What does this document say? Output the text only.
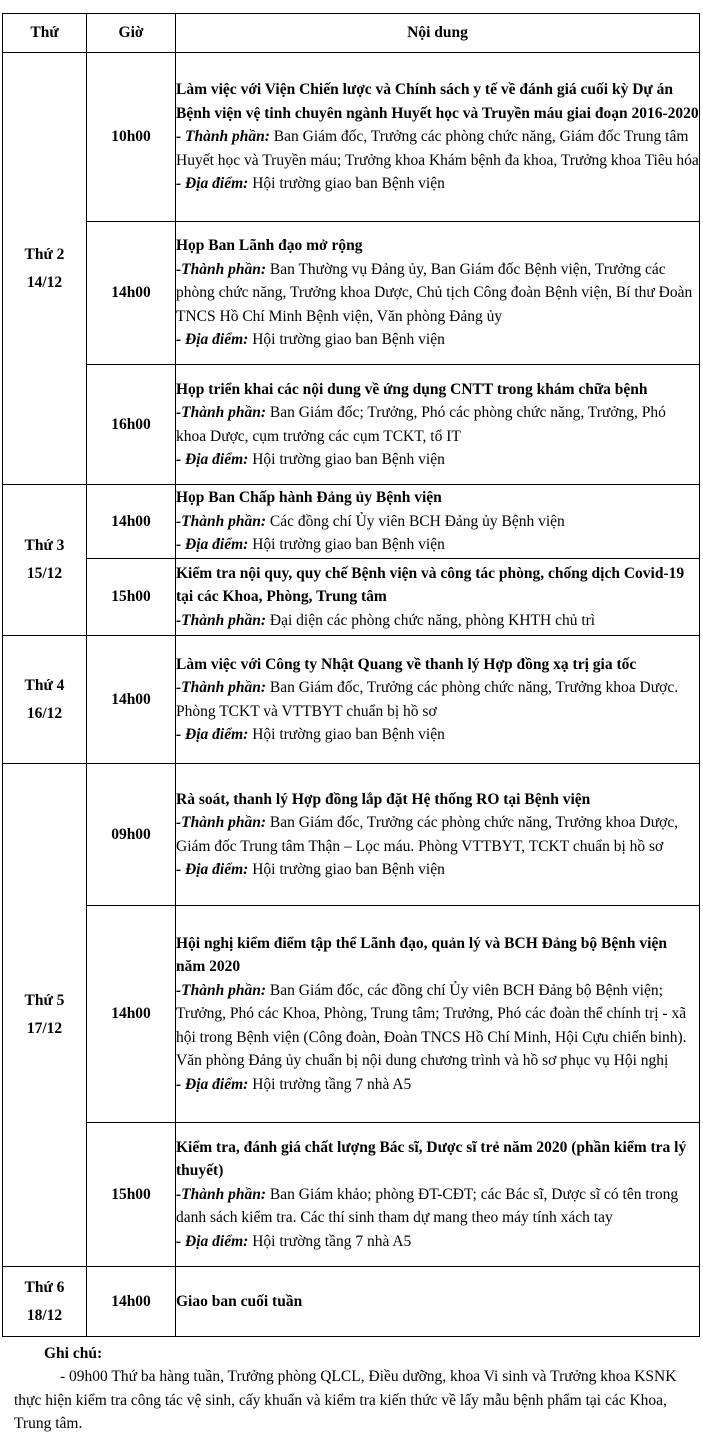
Thứ	Giờ	Nội dung

Thứ 2
14/12	10h00	Làm việc với Viện Chiến lược và Chính sách y tế về đánh giá cuối kỳ Dự án Bệnh viện vệ tinh chuyên ngành Huyết học và Truyền máu giai đoạn 2016-2020
- Thành phần: Ban Giám đốc, Trưởng các phòng chức năng, Giám đốc Trung tâm Huyết học và Truyền máu; Trưởng khoa Khám bệnh đa khoa, Trưởng khoa Tiêu hóa
- Địa điểm: Hội trường giao ban Bệnh viện

	14h00	Họp Ban Lãnh đạo mở rộng
-Thành phần: Ban Thường vụ Đảng ủy, Ban Giám đốc Bệnh viện, Trưởng các phòng chức năng, Trưởng khoa Dược, Chủ tịch Công đoàn Bệnh viện, Bí thư Đoàn TNCS Hồ Chí Minh Bệnh viện, Văn phòng Đảng ủy
- Địa điểm: Hội trường giao ban Bệnh viện

	16h00	Họp triển khai các nội dung về ứng dụng CNTT trong khám chữa bệnh
-Thành phần: Ban Giám đốc; Trưởng, Phó các phòng chức năng, Trưởng, Phó khoa Dược, cụm trưởng các cụm TCKT, tổ IT
- Địa điểm: Hội trường giao ban Bệnh viện

Thứ 3
15/12	14h00	Họp Ban Chấp hành Đảng ủy Bệnh viện
-Thành phần: Các đồng chí Ủy viên BCH Đảng ủy Bệnh viện
- Địa điểm: Hội trường giao ban Bệnh viện

	15h00	Kiểm tra nội quy, quy chế Bệnh viện và công tác phòng, chống dịch Covid-19 tại các Khoa, Phòng, Trung tâm
-Thành phần: Đại diện các phòng chức năng, phòng KHTH chủ trì

Thứ 4
16/12	14h00	Làm việc với Công ty Nhật Quang về thanh lý Hợp đồng xạ trị gia tốc
-Thành phần: Ban Giám đốc, Trưởng các phòng chức năng, Trưởng khoa Dược. Phòng TCKT và VTTBYT chuẩn bị hồ sơ
- Địa điểm: Hội trường giao ban Bệnh viện

Thứ 5
17/12	09h00	Rà soát, thanh lý Hợp đồng lắp đặt Hệ thống RO tại Bệnh viện
-Thành phần: Ban Giám đốc, Trưởng các phòng chức năng, Trưởng khoa Dược, Giám đốc Trung tâm Thận – Lọc máu. Phòng VTTBYT, TCKT chuẩn bị hồ sơ
- Địa điểm: Hội trường giao ban Bệnh viện

	14h00	Hội nghị kiểm điểm tập thể Lãnh đạo, quản lý và BCH Đảng bộ Bệnh viện năm 2020
-Thành phần: Ban Giám đốc, các đồng chí Ủy viên BCH Đảng bộ Bệnh viện; Trưởng, Phó các Khoa, Phòng, Trung tâm; Trưởng, Phó các đoàn thể chính trị - xã hội trong Bệnh viện (Công đoàn, Đoàn TNCS Hồ Chí Minh, Hội Cựu chiến binh). Văn phòng Đảng ủy chuẩn bị nội dung chương trình và hồ sơ phục vụ Hội nghị
- Địa điểm: Hội trường tầng 7 nhà A5

	15h00	Kiểm tra, đánh giá chất lượng Bác sĩ, Dược sĩ trẻ năm 2020 (phần kiểm tra lý thuyết)
-Thành phần: Ban Giám khảo; phòng ĐT-CĐT; các Bác sĩ, Dược sĩ có tên trong danh sách kiểm tra. Các thí sinh tham dự mang theo máy tính xách tay
- Địa điểm: Hội trường tầng 7 nhà A5

Thứ 6
18/12	14h00	Giao ban cuối tuần
Ghi chú:
- 09h00 Thứ ba hàng tuần, Trưởng phòng QLCL, Điều dưỡng, khoa Vi sinh và Trưởng khoa KSNK thực hiện kiểm tra công tác vệ sinh, cấy khuẩn và kiểm tra kiến thức về lấy mẫu bệnh phẩm tại các Khoa, Trung tâm.
